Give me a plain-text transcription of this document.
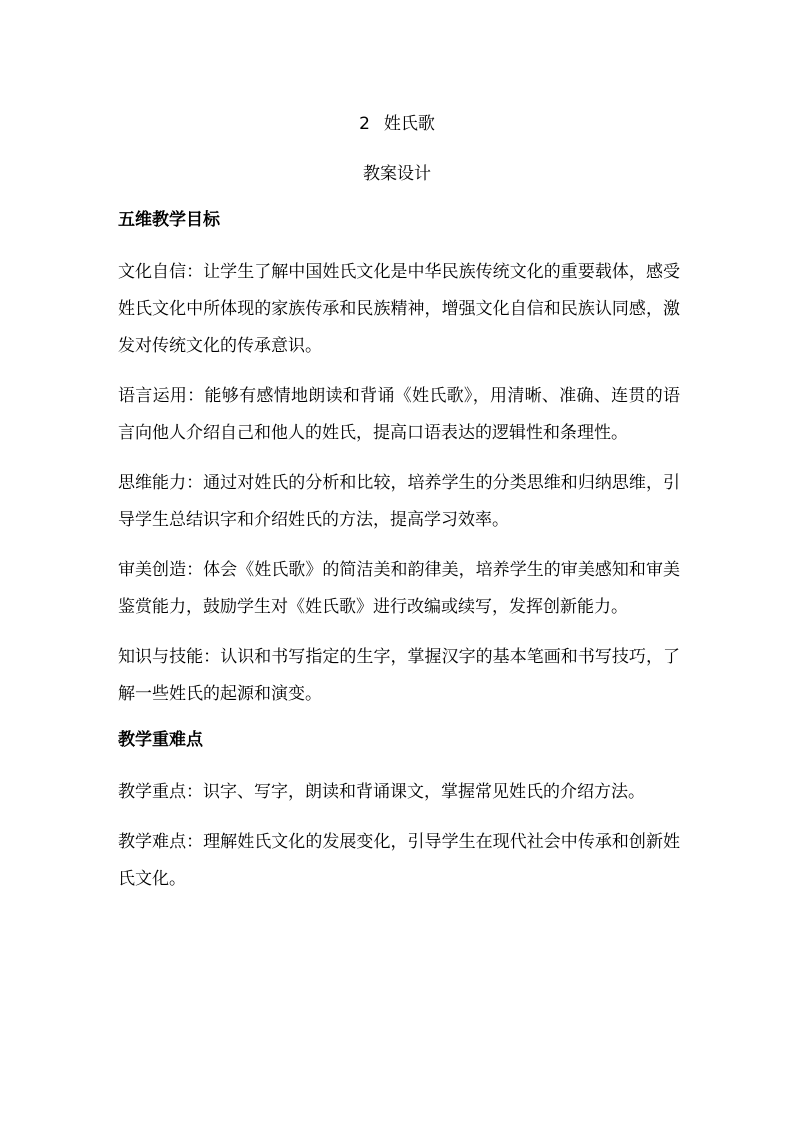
2 姓氏歌
教案设计
五维教学目标

文化自信：让学生了解中国姓氏文化是中华民族传统文化的重要载体，感受姓氏文化中所体现的家族传承和民族精神，增强文化自信和民族认同感，激发对传统文化的传承意识。

语言运用：能够有感情地朗读和背诵《姓氏歌》，用清晰、准确、连贯的语言向他人介绍自己和他人的姓氏，提高口语表达的逻辑性和条理性。

思维能力：通过对姓氏的分析和比较，培养学生的分类思维和归纳思维，引导学生总结识字和介绍姓氏的方法，提高学习效率。

审美创造：体会《姓氏歌》的简洁美和韵律美，培养学生的审美感知和审美鉴赏能力，鼓励学生对《姓氏歌》进行改编或续写，发挥创新能力。

知识与技能：认识和书写指定的生字，掌握汉字的基本笔画和书写技巧，了解一些姓氏的起源和演变。

教学重难点

教学重点：识字、写字，朗读和背诵课文，掌握常见姓氏的介绍方法。

教学难点：理解姓氏文化的发展变化，引导学生在现代社会中传承和创新姓氏文化。
